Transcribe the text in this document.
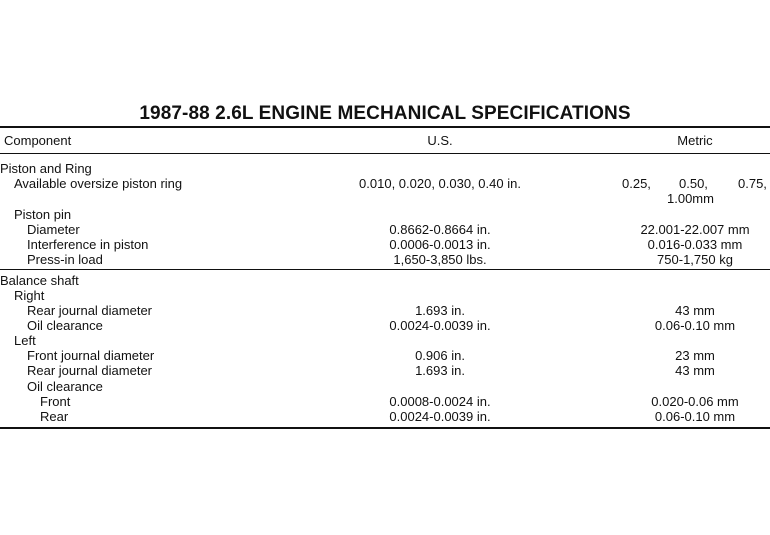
1987-88 2.6L ENGINE MECHANICAL SPECIFICATIONS
Component	U.S.	Metric
Piston and Ring
Available oversize piston ring	0.010, 0.020, 0.030, 0.40 in.	0.25, 0.50, 0.75,
1.00mm
Piston pin
Diameter	0.8662-0.8664 in.	22.001-22.007 mm
Interference in piston	0.0006-0.0013 in.	0.016-0.033 mm
Press-in load	1,650-3,850 lbs.	750-1,750 kg
Balance shaft
Right
Rear journal diameter	1.693 in.	43 mm
Oil clearance	0.0024-0.0039 in.	0.06-0.10 mm
Left
Front journal diameter	0.906 in.	23 mm
Rear journal diameter	1.693 in.	43 mm
Oil clearance
Front	0.0008-0.0024 in.	0.020-0.06 mm
Rear	0.0024-0.0039 in.	0.06-0.10 mm
